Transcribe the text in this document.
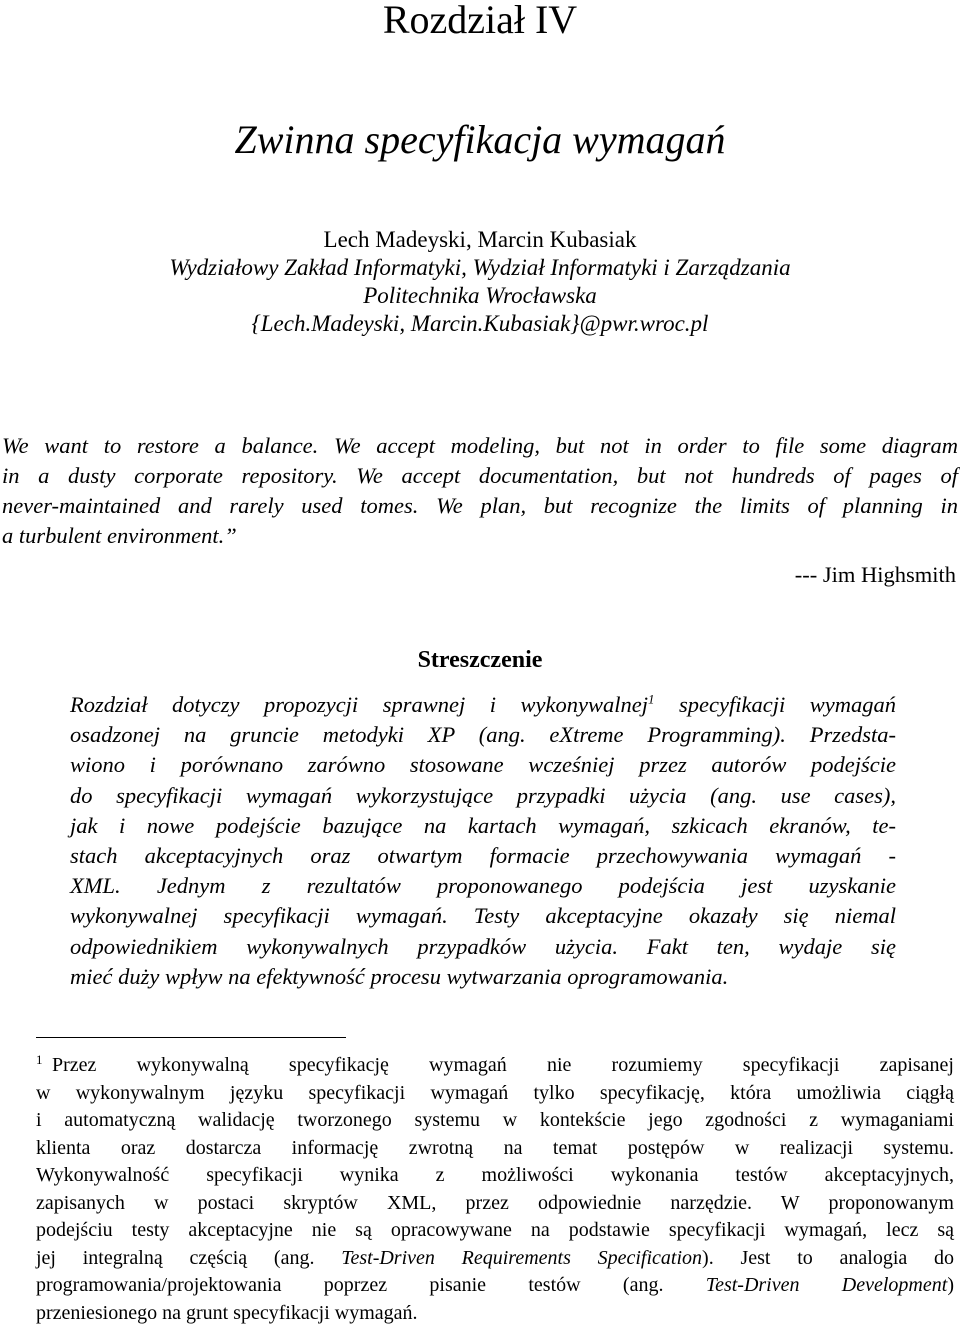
Rozdział IV
Zwinna specyfikacja wymagań
Lech Madeyski, Marcin Kubasiak
Wydziałowy Zakład Informatyki, Wydział Informatyki i Zarządzania
Politechnika Wrocławska
{Lech.Madeyski, Marcin.Kubasiak}@pwr.wroc.pl
We want to restore a balance. We accept modeling, but not in order to file some diagram
in a dusty corporate repository. We accept documentation, but not hundreds of pages of
never-maintained and rarely used tomes. We plan, but recognize the limits of planning in
a turbulent environment.”
--- Jim Highsmith
Streszczenie
Rozdział dotyczy propozycji sprawnej i wykonywalnej$^1$ specyfikacji wymagań
osadzonej na gruncie metodyki XP (ang. eXtreme Programming). Przedsta-
wiono i porównano zarówno stosowane wcześniej przez autorów podejście
do specyfikacji wymagań wykorzystujące przypadki użycia (ang. use cases),
jak i nowe podejście bazujące na kartach wymagań, szkicach ekranów, te-
stach akceptacyjnych oraz otwartym formacie przechowywania wymagań -
XML. Jednym z rezultatów proponowanego podejścia jest uzyskanie
wykonywalnej specyfikacji wymagań. Testy akceptacyjne okazały się niemal
odpowiednikiem wykonywalnych przypadków użycia. Fakt ten, wydaje się
mieć duży wpływ na efektywność procesu wytwarzania oprogramowania.
1 Przez wykonywalną specyfikację wymagań nie rozumiemy specyfikacji zapisanej
w wykonywalnym języku specyfikacji wymagań tylko specyfikację, która umożliwia ciągłą
i automatyczną walidację tworzonego systemu w kontekście jego zgodności z wymaganiami
klienta oraz dostarcza informację zwrotną na temat postępów w realizacji systemu.
Wykonywalność specyfikacji wynika z możliwości wykonania testów akceptacyjnych,
zapisanych w postaci skryptów XML, przez odpowiednie narzędzie. W proponowanym
podejściu testy akceptacyjne nie są opracowywane na podstawie specyfikacji wymagań, lecz są
jej integralną częścią (ang. Test-Driven Requirements Specification). Jest to analogia do
programowania/projektowania poprzez pisanie testów (ang. Test-Driven Development)
przeniesionego na grunt specyfikacji wymagań.
